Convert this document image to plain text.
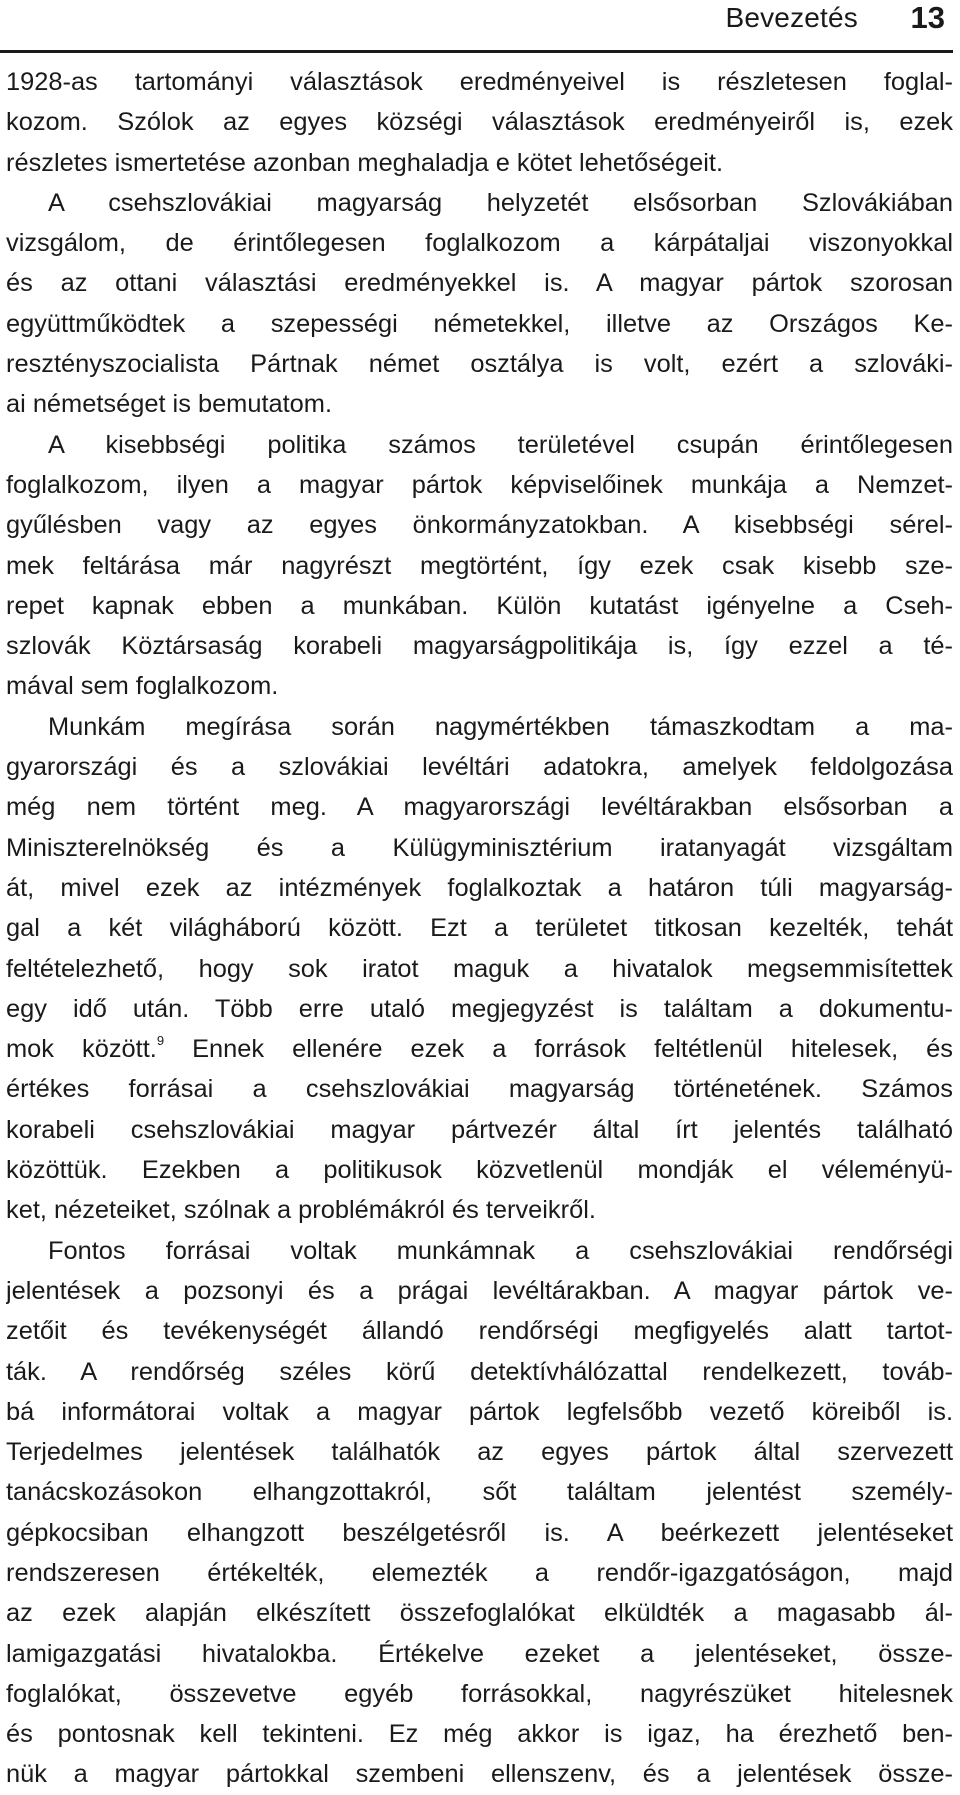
Bevezetés 13
1928-as tartományi választások eredményeivel is részletesen foglal-
kozom. Szólok az egyes községi választások eredményeiről is, ezek
részletes ismertetése azonban meghaladja e kötet lehetőségeit.
A csehszlovákiai magyarság helyzetét elsősorban Szlovákiában
vizsgálom, de érintőlegesen foglalkozom a kárpátaljai viszonyokkal
és az ottani választási eredményekkel is. A magyar pártok szorosan
együttműködtek a szepességi németekkel, illetve az Országos Ke-
resztényszocialista Pártnak német osztálya is volt, ezért a szlováki-
ai németséget is bemutatom.
A kisebbségi politika számos területével csupán érintőlegesen
foglalkozom, ilyen a magyar pártok képviselőinek munkája a Nemzet-
gyűlésben vagy az egyes önkormányzatokban. A kisebbségi sérel-
mek feltárása már nagyrészt megtörtént, így ezek csak kisebb sze-
repet kapnak ebben a munkában. Külön kutatást igényelne a Cseh-
szlovák Köztársaság korabeli magyarságpolitikája is, így ezzel a té-
mával sem foglalkozom.
Munkám megírása során nagymértékben támaszkodtam a ma-
gyarországi és a szlovákiai levéltári adatokra, amelyek feldolgozása
még nem történt meg. A magyarországi levéltárakban elsősorban a
Miniszterelnökség és a Külügyminisztérium iratanyagát vizsgáltam
át, mivel ezek az intézmények foglalkoztak a határon túli magyarság-
gal a két világháború között. Ezt a területet titkosan kezelték, tehát
feltételezhető, hogy sok iratot maguk a hivatalok megsemmisítettek
egy idő után. Több erre utaló megjegyzést is találtam a dokumentu-
mok között.$^9$ Ennek ellenére ezek a források feltétlenül hitelesek, és
értékes forrásai a csehszlovákiai magyarság történetének. Számos
korabeli csehszlovákiai magyar pártvezér által írt jelentés található
közöttük. Ezekben a politikusok közvetlenül mondják el véleményü-
ket, nézeteiket, szólnak a problémákról és terveikről.
Fontos forrásai voltak munkámnak a csehszlovákiai rendőrségi
jelentések a pozsonyi és a prágai levéltárakban. A magyar pártok ve-
zetőit és tevékenységét állandó rendőrségi megfigyelés alatt tartot-
ták. A rendőrség széles körű detektívhálózattal rendelkezett, továb-
bá informátorai voltak a magyar pártok legfelsőbb vezető köreiből is.
Terjedelmes jelentések találhatók az egyes pártok által szervezett
tanácskozásokon elhangzottakról, sőt találtam jelentést személy-
gépkocsiban elhangzott beszélgetésről is. A beérkezett jelentéseket
rendszeresen értékelték, elemezték a rendőr-igazgatóságon, majd
az ezek alapján elkészített összefoglalókat elküldték a magasabb ál-
lamigazgatási hivatalokba. Értékelve ezeket a jelentéseket, össze-
foglalókat, összevetve egyéb forrásokkal, nagyrészüket hitelesnek
és pontosnak kell tekinteni. Ez még akkor is igaz, ha érezhető ben-
nük a magyar pártokkal szembeni ellenszenv, és a jelentések össze-
